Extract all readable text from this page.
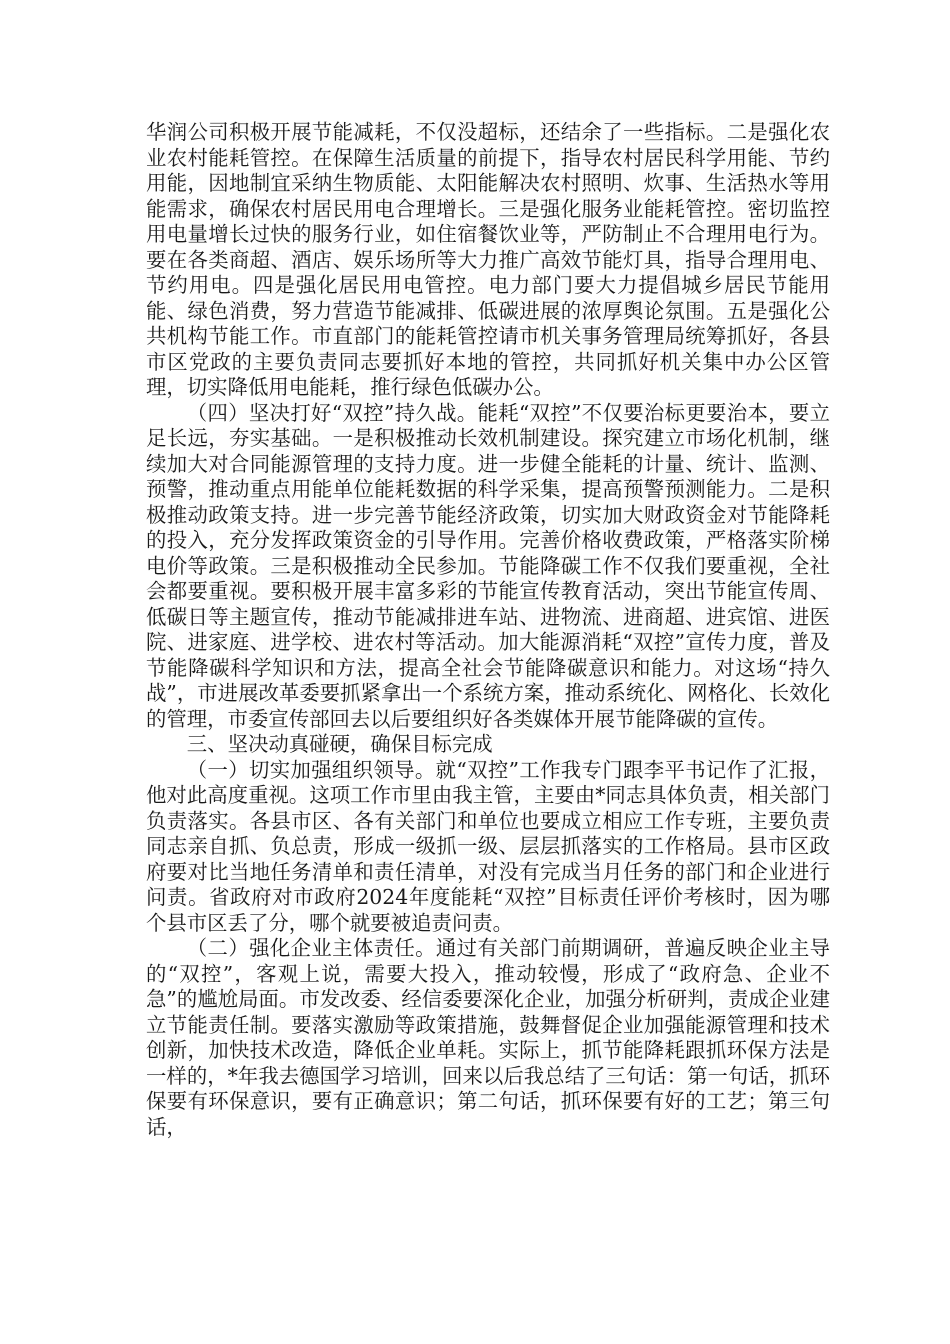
华润公司积极开展节能减耗，不仅没超标，还结余了一些指标。二是强化农业农村能耗管控。在保障生活质量的前提下，指导农村居民科学用能、节约用能，因地制宜采纳生物质能、太阳能解决农村照明、炊事、生活热水等用能需求，确保农村居民用电合理增长。三是强化服务业能耗管控。密切监控用电量增长过快的服务行业，如住宿餐饮业等，严防制止不合理用电行为。要在各类商超、酒店、娱乐场所等大力推广高效节能灯具，指导合理用电、节约用电。四是强化居民用电管控。电力部门要大力提倡城乡居民节能用能、绿色消费，努力营造节能减排、低碳进展的浓厚舆论氛围。五是强化公共机构节能工作。市直部门的能耗管控请市机关事务管理局统筹抓好，各县市区党政的主要负责同志要抓好本地的管控，共同抓好机关集中办公区管理，切实降低用电能耗，推行绿色低碳办公。

（四）坚决打好“双控”持久战。能耗“双控”不仅要治标更要治本，要立足长远，夯实基础。一是积极推动长效机制建设。探究建立市场化机制，继续加大对合同能源管理的支持力度。进一步健全能耗的计量、统计、监测、预警，推动重点用能单位能耗数据的科学采集，提高预警预测能力。二是积极推动政策支持。进一步完善节能经济政策，切实加大财政资金对节能降耗的投入，充分发挥政策资金的引导作用。完善价格收费政策，严格落实阶梯电价等政策。三是积极推动全民参加。节能降碳工作不仅我们要重视，全社会都要重视。要积极开展丰富多彩的节能宣传教育活动，突出节能宣传周、低碳日等主题宣传，推动节能减排进车站、进物流、进商超、进宾馆、进医院、进家庭、进学校、进农村等活动。加大能源消耗“双控”宣传力度，普及节能降碳科学知识和方法，提高全社会节能降碳意识和能力。对这场“持久战”，市进展改革委要抓紧拿出一个系统方案，推动系统化、网格化、长效化的管理，市委宣传部回去以后要组织好各类媒体开展节能降碳的宣传。

三、坚决动真碰硬，确保目标完成

（一）切实加强组织领导。就“双控”工作我专门跟李平书记作了汇报，他对此高度重视。这项工作市里由我主管，主要由*同志具体负责，相关部门负责落实。各县市区、各有关部门和单位也要成立相应工作专班，主要负责同志亲自抓、负总责，形成一级抓一级、层层抓落实的工作格局。县市区政府要对比当地任务清单和责任清单，对没有完成当月任务的部门和企业进行问责。省政府对市政府2024年度能耗“双控”目标责任评价考核时，因为哪个县市区丢了分，哪个就要被追责问责。

（二）强化企业主体责任。通过有关部门前期调研，普遍反映企业主导的“双控”，客观上说，需要大投入，推动较慢，形成了“政府急、企业不急”的尴尬局面。市发改委、经信委要深化企业，加强分析研判，责成企业建立节能责任制。要落实激励等政策措施，鼓舞督促企业加强能源管理和技术创新，加快技术改造，降低企业单耗。实际上，抓节能降耗跟抓环保方法是一样的，*年我去德国学习培训，回来以后我总结了三句话：第一句话，抓环保要有环保意识，要有正确意识；第二句话，抓环保要有好的工艺；第三句话，
